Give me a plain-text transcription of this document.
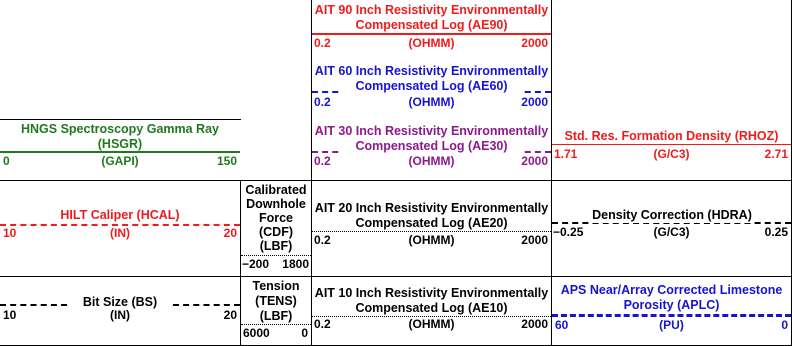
HNGS Spectroscopy Gamma Ray
(HSGR)
0	(GAPI)	150
HILT Caliper (HCAL)
10	(IN)	20
Bit Size (BS)
10	(IN)	20
Calibrated
Downhole
Force
(CDF)
(LBF)
−200 1800
Tension
(TENS)
(LBF)
6000	0
AIT 90 Inch Resistivity Environmentally
Compensated Log (AE90)
0.2	(OHMM)	2000
AIT 60 Inch Resistivity Environmentally
Compensated Log (AE60)
0.2	(OHMM)	2000
AIT 30 Inch Resistivity Environmentally
Compensated Log (AE30)
0.2	(OHMM)	2000
AIT 20 Inch Resistivity Environmentally
Compensated Log (AE20)
0.2	(OHMM)	2000
AIT 10 Inch Resistivity Environmentally
Compensated Log (AE10)
0.2	(OHMM)	2000
Std. Res. Formation Density (RHOZ)
1.71	(G/C3)	2.71
Density Correction (HDRA)
−0.25	(G/C3)	0.25
APS Near/Array Corrected Limestone
Porosity (APLC)
60	(PU)	0
